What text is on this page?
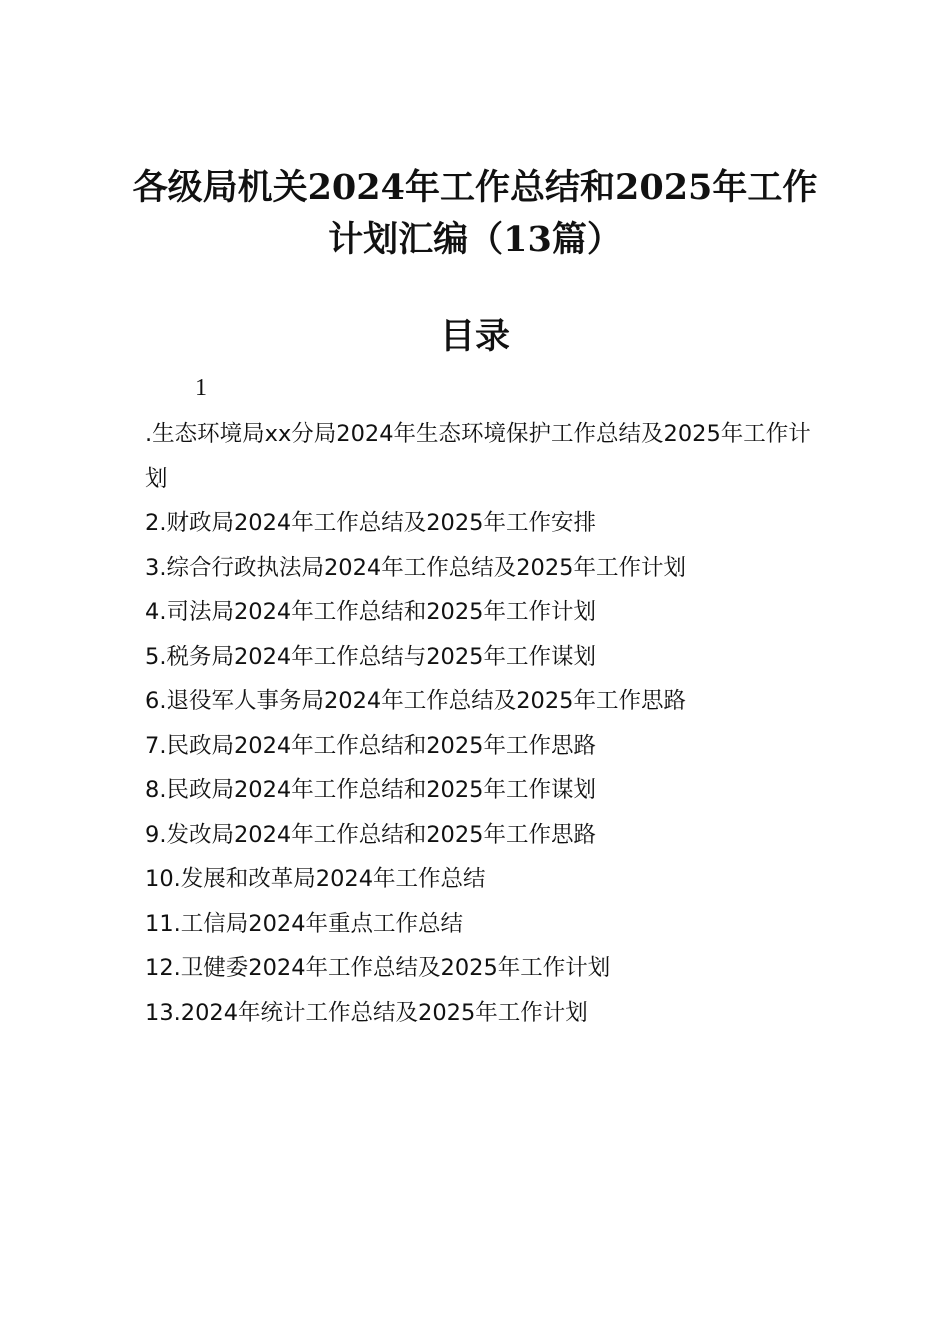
各级局机关2024年工作总结和2025年工作
计划汇编（13篇）
目录
1
.生态环境局xx分局2024年生态环境保护工作总结及2025年工作计划
2.财政局2024年工作总结及2025年工作安排
3.综合行政执法局2024年工作总结及2025年工作计划
4.司法局2024年工作总结和2025年工作计划
5.税务局2024年工作总结与2025年工作谋划
6.退役军人事务局2024年工作总结及2025年工作思路
7.民政局2024年工作总结和2025年工作思路
8.民政局2024年工作总结和2025年工作谋划
9.发改局2024年工作总结和2025年工作思路
10.发展和改革局2024年工作总结
11.工信局2024年重点工作总结
12.卫健委2024年工作总结及2025年工作计划
13.2024年统计工作总结及2025年工作计划
